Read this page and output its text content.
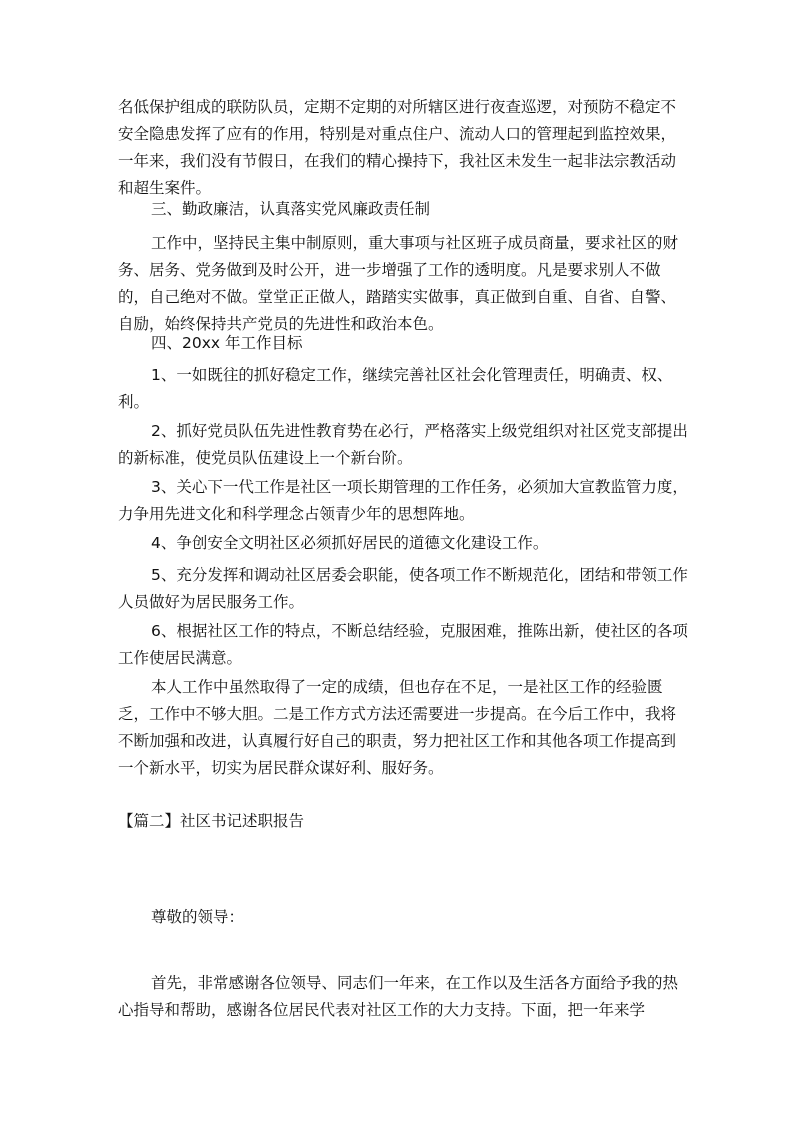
名低保护组成的联防队员，定期不定期的对所辖区进行夜查巡逻，对预防不稳定不安全隐患发挥了应有的作用，特别是对重点住户、流动人口的管理起到监控效果，一年来，我们没有节假日，在我们的精心操持下，我社区未发生一起非法宗教活动和超生案件。

三、勤政廉洁，认真落实党风廉政责任制

工作中，坚持民主集中制原则，重大事项与社区班子成员商量，要求社区的财务、居务、党务做到及时公开，进一步增强了工作的透明度。凡是要求别人不做的，自己绝对不做。堂堂正正做人，踏踏实实做事，真正做到自重、自省、自警、自励，始终保持共产党员的先进性和政治本色。

四、20xx 年工作目标

1、一如既往的抓好稳定工作，继续完善社区社会化管理责任，明确责、权、利。

2、抓好党员队伍先进性教育势在必行，严格落实上级党组织对社区党支部提出的新标准，使党员队伍建设上一个新台阶。

3、关心下一代工作是社区一项长期管理的工作任务，必须加大宣教监管力度，力争用先进文化和科学理念占领青少年的思想阵地。

4、争创安全文明社区必须抓好居民的道德文化建设工作。

5、充分发挥和调动社区居委会职能，使各项工作不断规范化，团结和带领工作人员做好为居民服务工作。

6、根据社区工作的特点，不断总结经验，克服困难，推陈出新，使社区的各项工作使居民满意。

本人工作中虽然取得了一定的成绩，但也存在不足，一是社区工作的经验匮乏，工作中不够大胆。二是工作方式方法还需要进一步提高。在今后工作中，我将不断加强和改进，认真履行好自己的职责，努力把社区工作和其他各项工作提高到一个新水平，切实为居民群众谋好利、服好务。

【篇二】社区书记述职报告

尊敬的领导：

首先，非常感谢各位领导、同志们一年来，在工作以及生活各方面给予我的热心指导和帮助，感谢各位居民代表对社区工作的大力支持。下面，把一年来学
